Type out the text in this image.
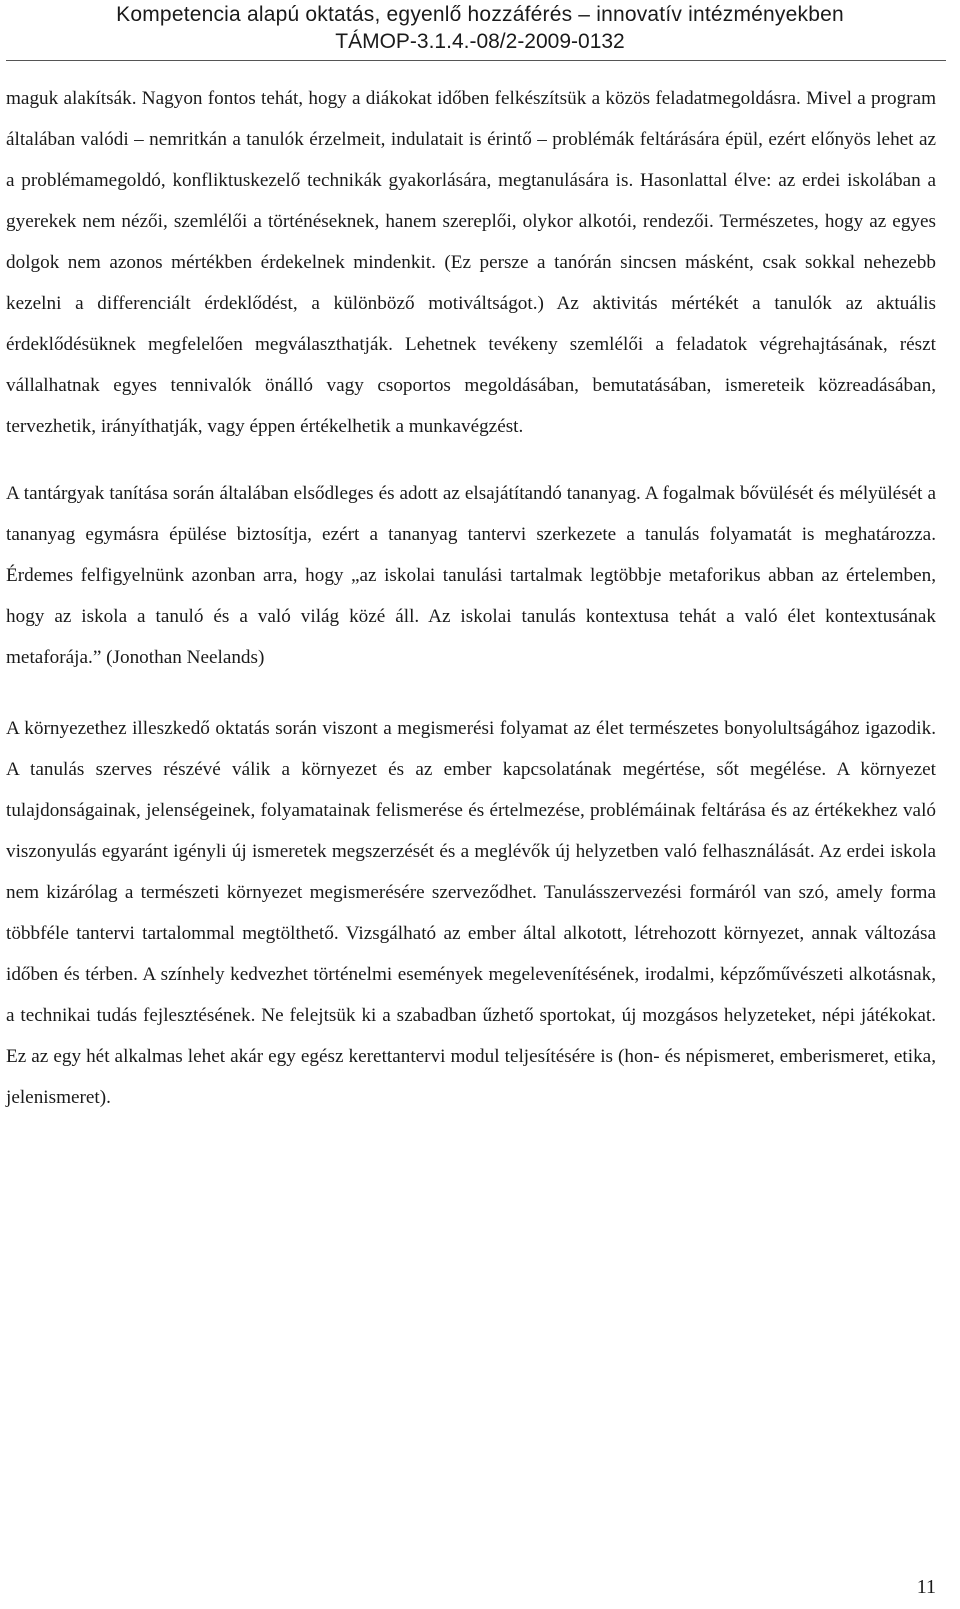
Kompetencia alapú oktatás, egyenlő hozzáférés – innovatív intézményekben
TÁMOP-3.1.4.-08/2-2009-0132

maguk alakítsák. Nagyon fontos tehát, hogy a diákokat időben felkészítsük a közös feladatmegoldásra. Mivel a program általában valódi – nemritkán a tanulók érzelmeit, indulatait is érintő – problémák feltárására épül, ezért előnyös lehet az a problémamegoldó, konfliktuskezelő technikák gyakorlására, megtanulására is. Hasonlattal élve: az erdei iskolában a gyerekek nem nézői, szemlélői a történéseknek, hanem szereplői, olykor alkotói, rendezői. Természetes, hogy az egyes dolgok nem azonos mértékben érdekelnek mindenkit. (Ez persze a tanórán sincsen másként, csak sokkal nehezebb kezelni a differenciált érdeklődést, a különböző motiváltságot.) Az aktivitás mértékét a tanulók az aktuális érdeklődésüknek megfelelően megválaszthatják. Lehetnek tevékeny szemlélői a feladatok végrehajtásának, részt vállalhatnak egyes tennivalók önálló vagy csoportos megoldásában, bemutatásában, ismereteik közreadásában, tervezhetik, irányíthatják, vagy éppen értékelhetik a munkavégzést.

A tantárgyak tanítása során általában elsődleges és adott az elsajátítandó tananyag. A fogalmak bővülését és mélyülését a tananyag egymásra épülése biztosítja, ezért a tananyag tantervi szerkezete a tanulás folyamatát is meghatározza. Érdemes felfigyelnünk azonban arra, hogy „az iskolai tanulási tartalmak legtöbbje metaforikus abban az értelemben, hogy az iskola a tanuló és a való világ közé áll. Az iskolai tanulás kontextusa tehát a való élet kontextusának metaforája.” (Jonothan Neelands)

A környezethez illeszkedő oktatás során viszont a megismerési folyamat az élet természetes bonyolultságához igazodik. A tanulás szerves részévé válik a környezet és az ember kapcsolatának megértése, sőt megélése. A környezet tulajdonságainak, jelenségeinek, folyamatainak felismerése és értelmezése, problémáinak feltárása és az értékekhez való viszonyulás egyaránt igényli új ismeretek megszerzését és a meglévők új helyzetben való felhasználását. Az erdei iskola nem kizárólag a természeti környezet megismerésére szerveződhet. Tanulásszervezési formáról van szó, amely forma többféle tantervi tartalommal megtölthető. Vizsgálható az ember által alkotott, létrehozott környezet, annak változása időben és térben. A színhely kedvezhet történelmi események megelevenítésének, irodalmi, képzőművészeti alkotásnak, a technikai tudás fejlesztésének. Ne felejtsük ki a szabadban űzhető sportokat, új mozgásos helyzeteket, népi játékokat. Ez az egy hét alkalmas lehet akár egy egész kerettantervi modul teljesítésére is (hon- és népismeret, emberismeret, etika, jelenismeret).

11
